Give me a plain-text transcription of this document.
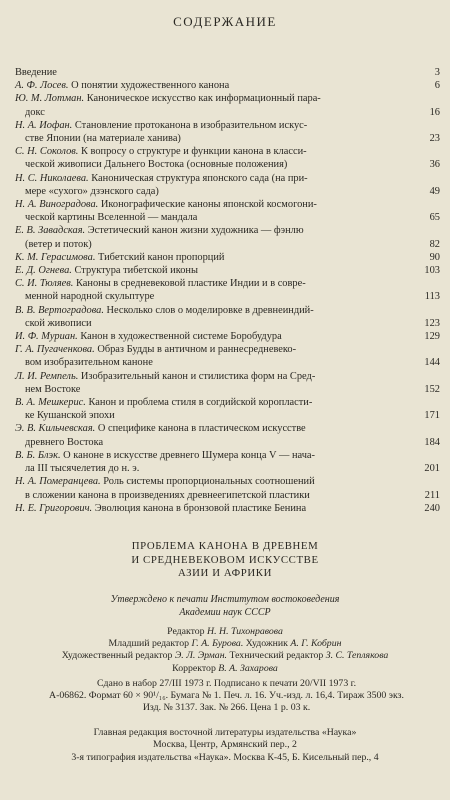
СОДЕРЖАНИЕ
Введение	3
А. Ф. Лосев. О понятии художественного канона	6
Ю. М. Лотман. Каноническое искусство как информационный пара-
докс	16
Н. А. Иофан. Становление протоканона в изобразительном искус-
стве Японии (на материале ханива)	23
С. Н. Соколов. К вопросу о структуре и функции канона в класси-
ческой живописи Дальнего Востока (основные положения)	36
Н. С. Николаева. Каноническая структура японского сада (на при-
мере «сухого» дзэнского сада)	49
Н. А. Виноградова. Иконографические каноны японской космогони-
ческой картины Вселенной — мандала	65
Е. В. Завадская. Эстетический канон жизни художника — фэнлю
(ветер и поток)	82
К. М. Герасимова. Тибетский канон пропорций	90
Е. Д. Огнева. Структура тибетской иконы	103
С. И. Тюляев. Каноны в средневековой пластике Индии и в совре-
менной народной скульптуре	113
В. В. Вертоградова. Несколько слов о моделировке в древнеиндий-
ской живописи	123
И. Ф. Муриан. Канон в художественной системе Боробудура	129
Г. А. Пугаченкова. Образ Будды в античном и раннесредневеко-
вом изобразительном каноне	144
Л. И. Ремпель. Изобразительный канон и стилистика форм на Сред-
нем Востоке	152
В. А. Мешкерис. Канон и проблема стиля в согдийской коропласти-
ке Кушанской эпохи	171
Э. В. Кильчевская. О специфике канона в пластическом искусстве
древнего Востока	184
В. Б. Блэк. О каноне в искусстве древнего Шумера конца V — нача-
ла III тысячелетия до н. э.	201
Н. А. Померанцева. Роль системы пропорциональных соотношений
в сложении канона в произведениях древнеегипетской пластики	211
Н. Е. Григорович. Эволюция канона в бронзовой пластике Бенина	240
ПРОБЛЕМА КАНОНА В ДРЕВНЕМ
И СРЕДНЕВЕКОВОМ ИСКУССТВЕ
АЗИИ И АФРИКИ
Утверждено к печати Институтом востоковедения
Академии наук СССР
Редактор Н. Н. Тихонравова
Младший редактор Г. А. Бурова. Художник А. Г. Кобрин
Художественный редактор Э. Л. Эрман. Технический редактор З. С. Теплякова
Корректор В. А. Захарова
Сдано в набор 27/III 1973 г. Подписано к печати 20/VII 1973 г.
А-06862. Формат 60 × 90¹/₁₆. Бумага № 1. Печ. л. 16. Уч.-изд. л. 16,4. Тираж 3500 экз.
Изд. № 3137. Зак. № 266. Цена 1 р. 03 к.
Главная редакция восточной литературы издательства «Наука»
Москва, Центр, Армянский пер., 2
3-я типография издательства «Наука». Москва К-45, Б. Кисельный пер., 4
